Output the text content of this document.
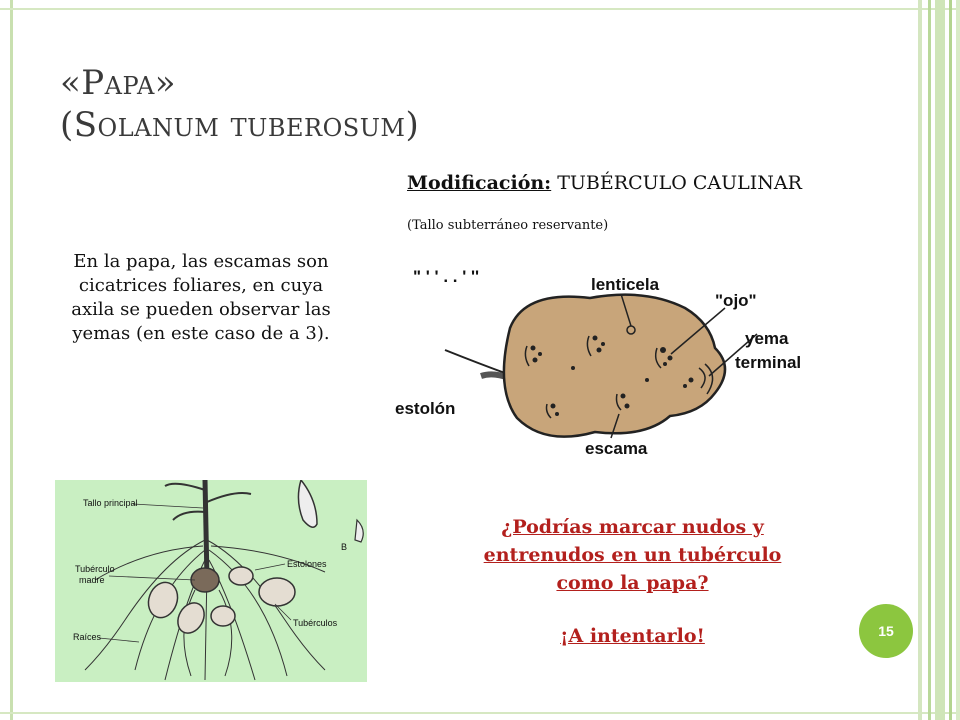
«Papa»
(Solanum tuberosum)
Modificación: TUBÉRCULO CAULINAR
(Tallo subterráneo reservante)
En la papa, las escamas son cicatrices foliares, en cuya axila se pueden observar las yemas (en este caso de a 3).
lenticela
"ojo"
yema
terminal
estolón
escama
" ' ' . . ' ''
Tallo principal
Tubérculo
madre
Estolones
Tubérculos
Raíces
B
¿Podrías marcar nudos y entrenudos en un tubérculo como la papa?
¡A intentarlo!	15
